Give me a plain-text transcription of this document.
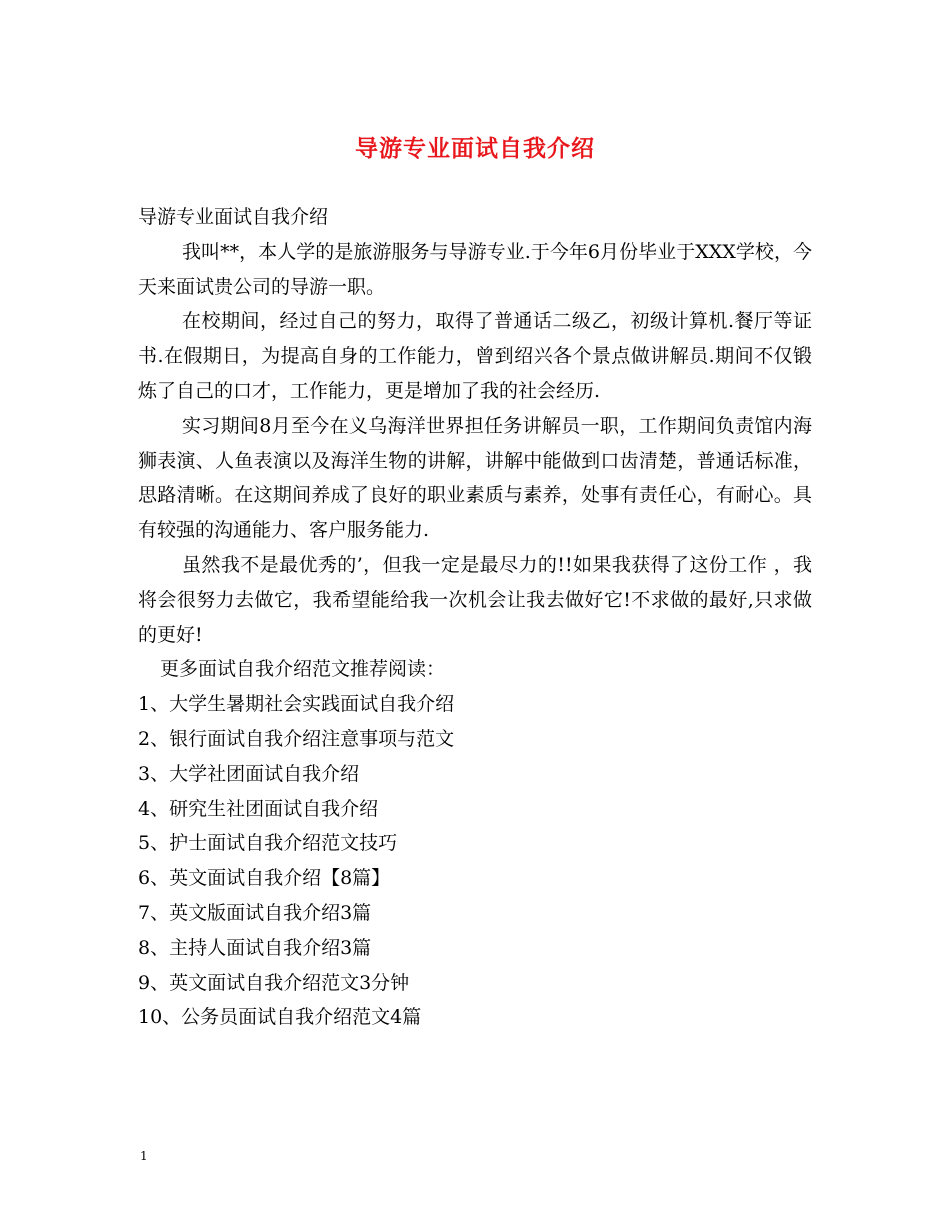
导游专业面试自我介绍

导游专业面试自我介绍

我叫**，本人学的是旅游服务与导游专业.于今年6月份毕业于XXX学校，今天来面试贵公司的导游一职。

在校期间，经过自己的努力，取得了普通话二级乙，初级计算机.餐厅等证书.在假期日，为提高自身的工作能力，曾到绍兴各个景点做讲解员.期间不仅锻炼了自己的口才，工作能力，更是增加了我的社会经历.

实习期间8月至今在义乌海洋世界担任务讲解员一职，工作期间负责馆内海狮表演、人鱼表演以及海洋生物的讲解，讲解中能做到口齿清楚，普通话标准，思路清晰。在这期间养成了良好的职业素质与素养，处事有责任心，有耐心。具有较强的沟通能力、客户服务能力.

虽然我不是最优秀的’，但我一定是最尽力的!!如果我获得了这份工作 ，我将会很努力去做它，我希望能给我一次机会让我去做好它!不求做的最好,只求做的更好!

更多面试自我介绍范文推荐阅读：

1、大学生暑期社会实践面试自我介绍
2、银行面试自我介绍注意事项与范文
3、大学社团面试自我介绍
4、研究生社团面试自我介绍
5、护士面试自我介绍范文技巧
6、英文面试自我介绍【8篇】
7、英文版面试自我介绍3篇
8、主持人面试自我介绍3篇
9、英文面试自我介绍范文3分钟
10、公务员面试自我介绍范文4篇
1
